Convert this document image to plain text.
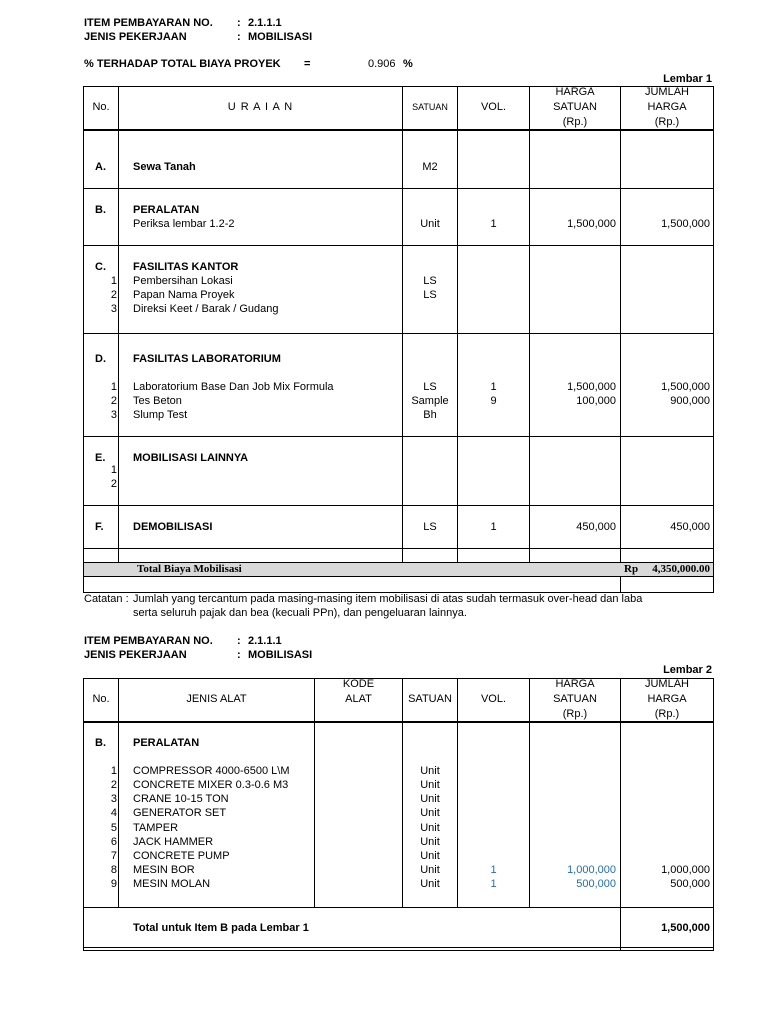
ITEM PEMBAYARAN NO. : 2.1.1.1
JENIS PEKERJAAN	: MOBILISASI
% TERHADAP TOTAL BIAYA PROYEK =	0.906 %
Lembar 1
No.	U R A I A N	SATUAN	VOL.
HARGA
SATUAN
(Rp.)
JUMLAH
HARGA
(Rp.)
A. Sewa Tanah	M2
B. PERALATAN
Periksa lembar 1.2-2	Unit	1	1,500,000	1,500,000
C. FASILITAS KANTOR
1 Pembersihan Lokasi	LS
2 Papan Nama Proyek	LS
3 Direksi Keet / Barak / Gudang
D. FASILITAS LABORATORIUM
1 Laboratorium Base Dan Job Mix Formula	LS	1	1,500,000	1,500,000
2 Tes Beton	Sample	9	100,000	900,000
3 Slump Test	Bh
E.	MOBILISASI LAINNYA
1
2
F.	DEMOBILISASI	LS	1	450,000	450,000
Total Biaya Mobilisasi	Rp	4,350,000.00
Catatan : Jumlah yang tercantum pada masing-masing item mobilisasi di atas sudah termasuk over-head dan laba
serta seluruh pajak dan bea (kecuali PPn), dan pengeluaran lainnya.
ITEM PEMBAYARAN NO. : 2.1.1.1
JENIS PEKERJAAN	: MOBILISASI
Lembar 2
No.	JENIS ALAT
KODE
ALAT	SATUAN	VOL.
HARGA
SATUAN
(Rp.)
JUMLAH
HARGA
(Rp.)
B. PERALATAN
1 COMPRESSOR 4000-6500 L\M	Unit
2 CONCRETE MIXER 0.3-0.6 M3	Unit
3 CRANE 10-15 TON	Unit
4 GENERATOR SET	Unit
5 TAMPER	Unit
6 JACK HAMMER	Unit
7 CONCRETE PUMP	Unit
8 MESIN BOR	Unit	1	1,000,000	1,000,000
9 MESIN MOLAN	Unit	1	500,000	500,000
Total untuk Item B pada Lembar 1	1,500,000
